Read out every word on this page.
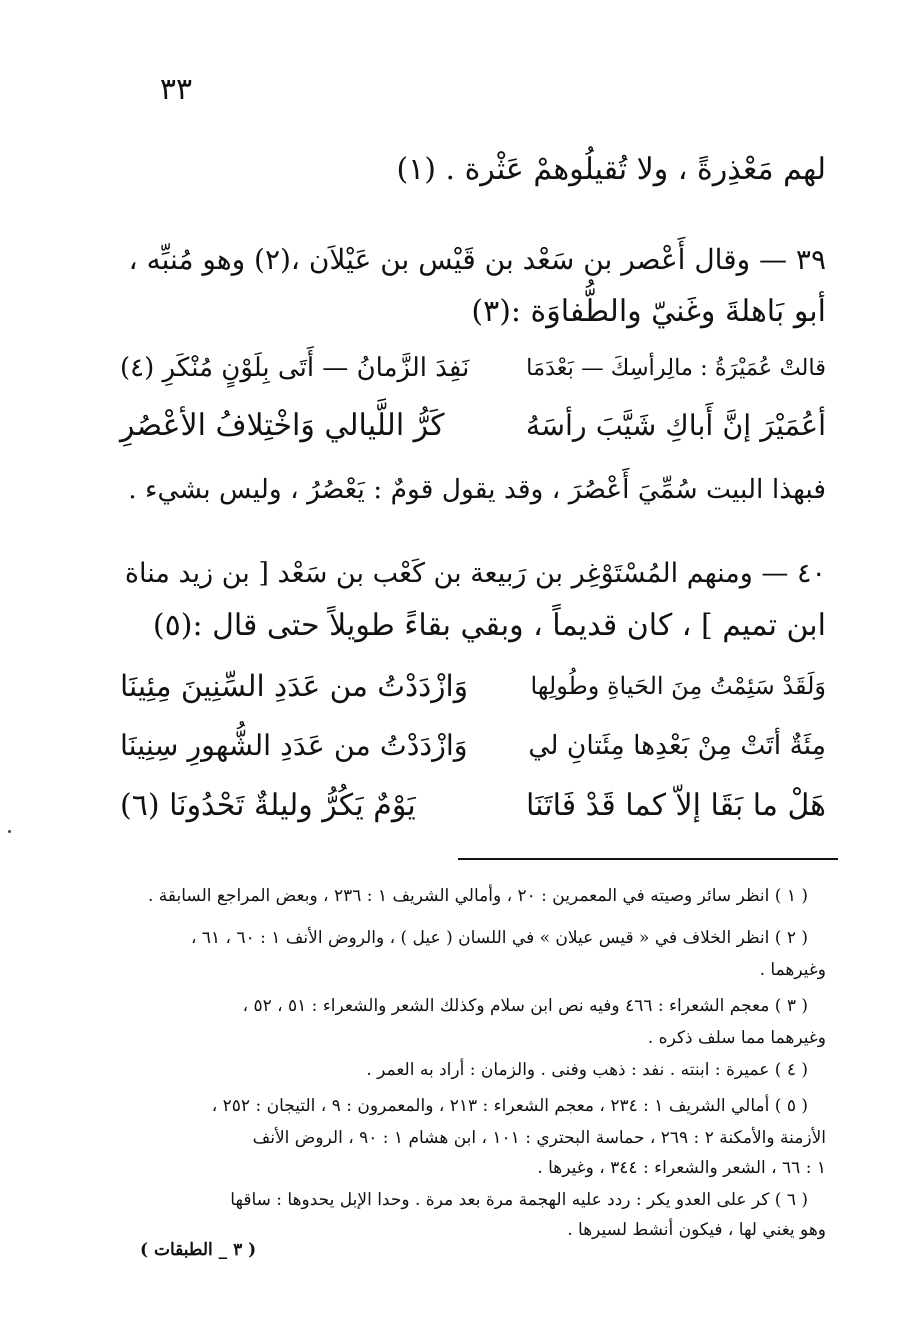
٣٣
لهم مَعْذِرةً ، ولا تُقيلُوهمْ عَثْرة . (١)
٣٩ — وقال أَعْصر بن سَعْد بن قَيْس بن عَيْلاَن ،(٢) وهو مُنبِّه ،
أبو بَاهلةَ وغَنيّ والطُّفاوَة :(٣)
قالتْ عُمَيْرَةُ : مالِرأسِكَ — بَعْدَمَا
نَفِدَ الزَّمانُ — أَتَى بِلَوْنٍ مُنْكَرِ (٤)
أعُمَيْرَ إنَّ أَباكِ شَيَّبَ رأسَهُ
كَرُّ اللَّيالي وَاخْتِلافُ الأعْصُرِ
فبهذا البيت سُمِّيَ أَعْصُرَ ، وقد يقول قومٌ : يَعْصُرُ ، وليس بشيء .
٤٠ — ومنهم المُسْتَوْغِر بن رَبيعة بن كَعْب بن سَعْد [ بن زيد مناة
ابن تميم ] ، كان قديماً ، وبقي بقاءً طويلاً حتى قال :(٥)
وَلَقَدْ سَئِمْتُ مِنَ الحَياةِ وطُولِها
وَازْدَدْتُ من عَدَدِ السِّنِينَ مِئِينَا
مِئَةٌ أتَتْ مِنْ بَعْدِها مِئَتانِ لي
وَازْدَدْتُ من عَدَدِ الشُّهورِ سِنِينَا
هَلْ ما بَقَا إلاّ كما قَدْ فَاتَنَا
يَوْمٌ يَكُرُّ وليلةٌ تَحْدُونَا (٦)
( ١ ) انظر سائر وصيته في المعمرين : ٢٠ ، وأمالي الشريف ١ : ٢٣٦ ، وبعض المراجع السابقة .
( ٢ ) انظر الخلاف في « قيس عيلان » في اللسان ( عيل ) ، والروض الأنف ١ : ٦٠ ، ٦١ ،
وغيرهما .
( ٣ ) معجم الشعراء : ٤٦٦ وفيه نص ابن سلام وكذلك الشعر والشعراء : ٥١ ، ٥٢ ،
وغيرهما مما سلف ذكره .
( ٤ ) عميرة : ابنته . نفد : ذهب وفنى . والزمان : أراد به العمر .
( ٥ ) أمالي الشريف ١ : ٢٣٤ ، معجم الشعراء : ٢١٣ ، والمعمرون : ٩ ، التيجان : ٢٥٢ ،
الأزمنة والأمكنة ٢ : ٢٦٩ ، حماسة البحتري : ١٠١ ، ابن هشام ١ : ٩٠ ، الروض الأنف
١ : ٦٦ ، الشعر والشعراء : ٣٤٤ ، وغيرها .
( ٦ ) كر على العدو يكر : ردد عليه الهجمة مرة بعد مرة . وحدا الإبل يحدوها : ساقها
وهو يغني لها ، فيكون أنشط لسيرها .
( ٣ _ الطبقات )
